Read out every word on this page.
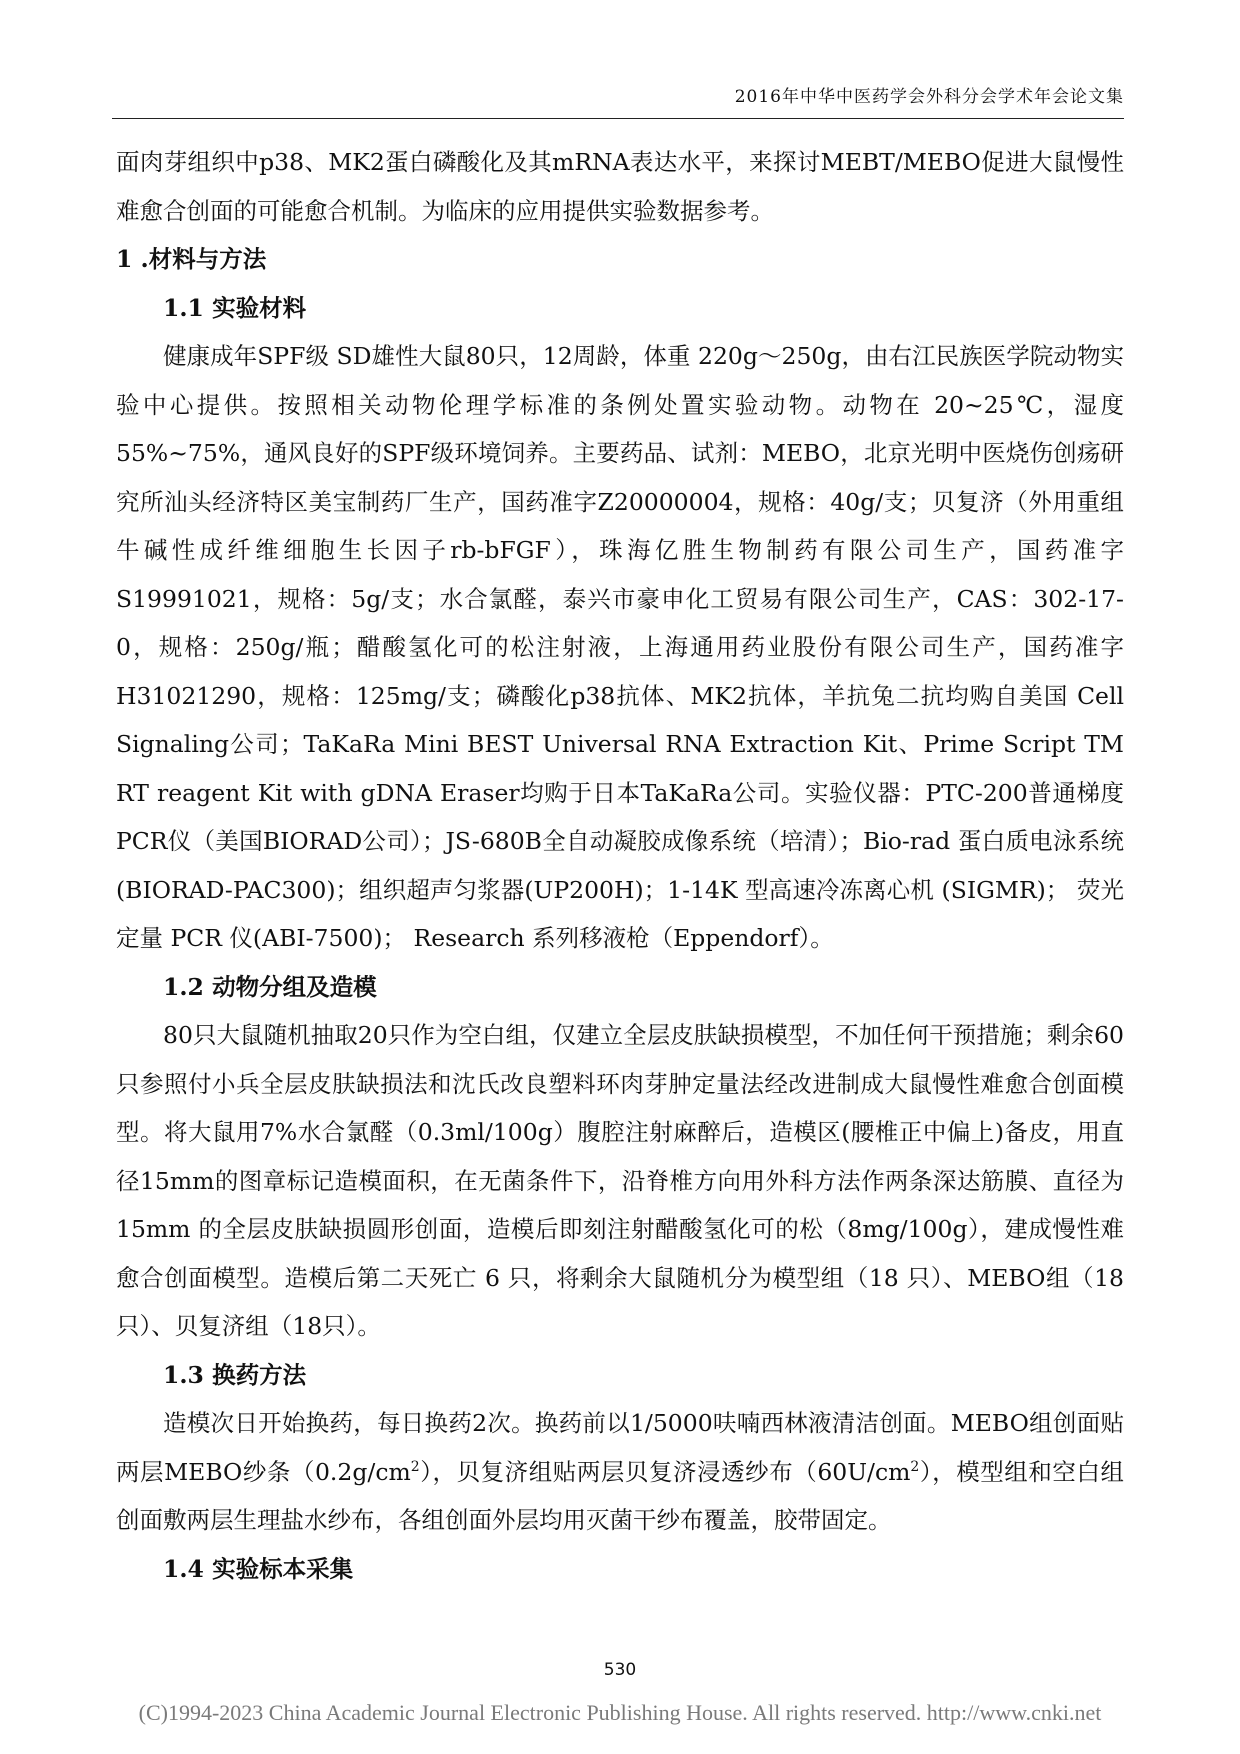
2016年中华中医药学会外科分会学术年会论文集

面肉芽组织中p38、MK2蛋白磷酸化及其mRNA表达水平，来探讨MEBT/MEBO促进大鼠慢性难愈合创面的可能愈合机制。为临床的应用提供实验数据参考。

1 .材料与方法

1.1 实验材料

健康成年SPF级 SD雄性大鼠80只，12周龄，体重 220g～250g，由右江民族医学院动物实验中心提供。按照相关动物伦理学标准的条例处置实验动物。动物在 20~25℃，湿度55%~75%，通风良好的SPF级环境饲养。主要药品、试剂：MEBO，北京光明中医烧伤创疡研究所汕头经济特区美宝制药厂生产，国药准字Z20000004，规格：40g/支；贝复济（外用重组牛碱性成纤维细胞生长因子rb-bFGF），珠海亿胜生物制药有限公司生产，国药准字S19991021，规格：5g/支；水合氯醛，泰兴市豪申化工贸易有限公司生产，CAS：302-17-0，规格：250g/瓶；醋酸氢化可的松注射液，上海通用药业股份有限公司生产，国药准字H31021290，规格：125mg/支；磷酸化p38抗体、MK2抗体，羊抗兔二抗均购自美国 Cell Signaling公司；TaKaRa Mini BEST Universal RNA Extraction Kit、Prime Script TM RT reagent Kit with gDNA Eraser均购于日本TaKaRa公司。实验仪器：PTC-200普通梯度PCR仪（美国BIORAD公司）；JS-680B全自动凝胶成像系统（培清）；Bio-rad 蛋白质电泳系统(BIORAD-PAC300)；组织超声匀浆器(UP200H)；1-14K 型高速冷冻离心机 (SIGMR)； 荧光定量 PCR 仪(ABI-7500)； Research 系列移液枪（Eppendorf）。

1.2 动物分组及造模

80只大鼠随机抽取20只作为空白组，仅建立全层皮肤缺损模型，不加任何干预措施；剩余60只参照付小兵全层皮肤缺损法和沈氏改良塑料环肉芽肿定量法经改进制成大鼠慢性难愈合创面模型。将大鼠用7%水合氯醛（0.3ml/100g）腹腔注射麻醉后，造模区(腰椎正中偏上)备皮，用直径15mm的图章标记造模面积，在无菌条件下，沿脊椎方向用外科方法作两条深达筋膜、直径为 15mm 的全层皮肤缺损圆形创面，造模后即刻注射醋酸氢化可的松（8mg/100g），建成慢性难愈合创面模型。造模后第二天死亡 6 只，将剩余大鼠随机分为模型组（18 只）、MEBO组（18只）、贝复济组（18只）。

1.3 换药方法

造模次日开始换药，每日换药2次。换药前以1/5000呋喃西林液清洁创面。MEBO组创面贴两层MEBO纱条$(0.2g/cm^2)$，贝复济组贴两层贝复济浸透纱布$(60U/cm^2)$，模型组和空白组创面敷两层生理盐水纱布，各组创面外层均用灭菌干纱布覆盖，胶带固定。

1.4 实验标本采集

530
(C)1994-2023 China Academic Journal Electronic Publishing House. All rights reserved. http://www.cnki.net
